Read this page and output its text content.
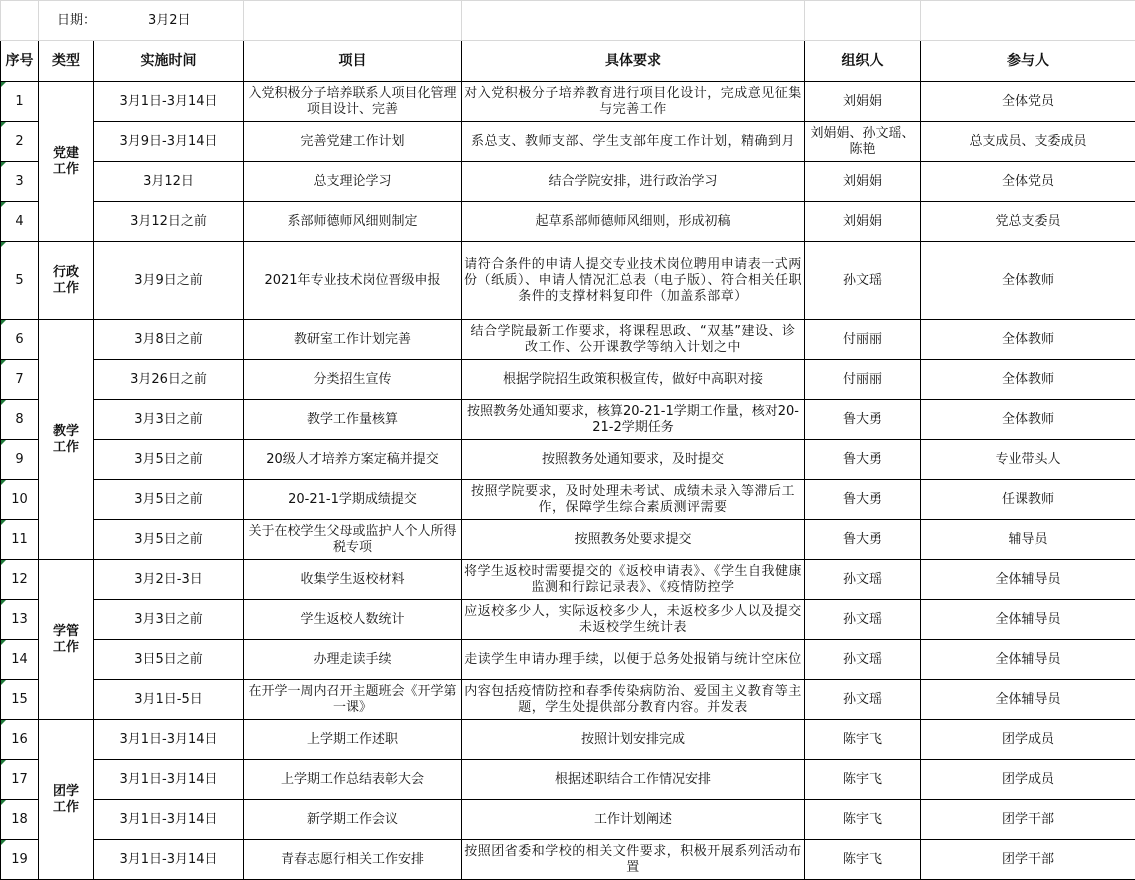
	日期： 3月2日					
序号	类型	实施时间	项目	具体要求	组织人	参与人
1	党建工作	3月1日-3月14日	入党积极分子培养联系人项目化管理项目设计、完善	对入党积极分子培养教育进行项目化设计，完成意见征集与完善工作	刘娟娟	全体党员
2		3月9日-3月14日	完善党建工作计划	系总支、教师支部、学生支部年度工作计划，精确到月	刘娟娟、孙文瑶、陈艳	总支成员、支委成员
3		3月12日	总支理论学习	结合学院安排，进行政治学习	刘娟娟	全体党员
4		3月12日之前	系部师德师风细则制定	起草系部师德师风细则，形成初稿	刘娟娟	党总支委员
5	行政工作	3月9日之前	2021年专业技术岗位晋级申报	请符合条件的申请人提交专业技术岗位聘用申请表一式两份（纸质）、申请人情况汇总表（电子版）、符合相关任职条件的支撑材料复印件（加盖系部章）	孙文瑶	全体教师
6	教学工作	3月8日之前	教研室工作计划完善	结合学院最新工作要求，将课程思政、“双基”建设、诊改工作、公开课教学等纳入计划之中	付丽丽	全体教师
7		3月26日之前	分类招生宣传	根据学院招生政策积极宣传，做好中高职对接	付丽丽	全体教师
8		3月3日之前	教学工作量核算	按照教务处通知要求，核算20-21-1学期工作量，核对20-21-2学期任务	鲁大勇	全体教师
9		3月5日之前	20级人才培养方案定稿并提交	按照教务处通知要求，及时提交	鲁大勇	专业带头人
10		3月5日之前	20-21-1学期成绩提交	按照学院要求，及时处理未考试、成绩未录入等滞后工作，保障学生综合素质测评需要	鲁大勇	任课教师
11		3月5日之前	关于在校学生父母或监护人个人所得税专项	按照教务处要求提交	鲁大勇	辅导员
12	学管工作	3月2日-3日	收集学生返校材料	将学生返校时需要提交的《返校申请表》、《学生自我健康监测和行踪记录表》、《疫情防控学	孙文瑶	全体辅导员
13		3月3日之前	学生返校人数统计	应返校多少人，实际返校多少人，未返校多少人以及提交未返校学生统计表	孙文瑶	全体辅导员
14		3日5日之前	办理走读手续	走读学生申请办理手续，以便于总务处报销与统计空床位	孙文瑶	全体辅导员
15		3月1日-5日	在开学一周内召开主题班会《开学第一课》	内容包括疫情防控和春季传染病防治、爱国主义教育等主题，学生处提供部分教育内容。并发表	孙文瑶	全体辅导员
16	团学工作	3月1日-3月14日	上学期工作述职	按照计划安排完成	陈宇飞	团学成员
17		3月1日-3月14日	上学期工作总结表彰大会	根据述职结合工作情况安排	陈宇飞	团学成员
18		3月1日-3月14日	新学期工作会议	工作计划阐述	陈宇飞	团学干部
19		3月1日-3月14日	青春志愿行相关工作安排	按照团省委和学校的相关文件要求，积极开展系列活动布置	陈宇飞	团学干部
